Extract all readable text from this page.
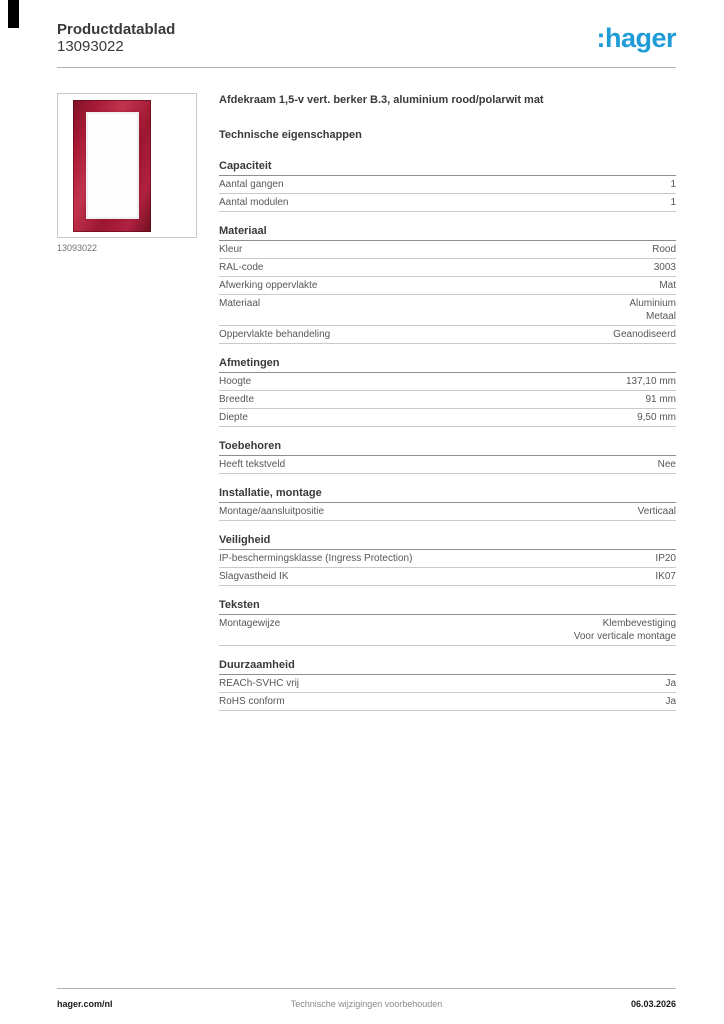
Productdatablad
13093022	:hager
13093022
Afdekraam 1,5-v vert. berker B.3, aluminium rood/polarwit mat
Technische eigenschappen
Capaciteit
Aantal gangen	1
Aantal modulen	1
Materiaal
Kleur	Rood
RAL-code	3003
Afwerking oppervlakte	Mat
Materiaal	Aluminium
Metaal
Oppervlakte behandeling	Geanodiseerd
Afmetingen
Hoogte	137,10 mm
Breedte	91 mm
Diepte	9,50 mm
Toebehoren
Heeft tekstveld	Nee
Installatie, montage
Montage/aansluitpositie	Verticaal
Veiligheid
IP-beschermingsklasse (Ingress Protection)	IP20
Slagvastheid IK	IK07
Teksten
Montagewijze	Klembevestiging
Voor verticale montage
Duurzaamheid
REACh-SVHC vrij	Ja
RoHS conform	Ja
hager.com/nl	Technische wijzigingen voorbehouden	06.03.2026
